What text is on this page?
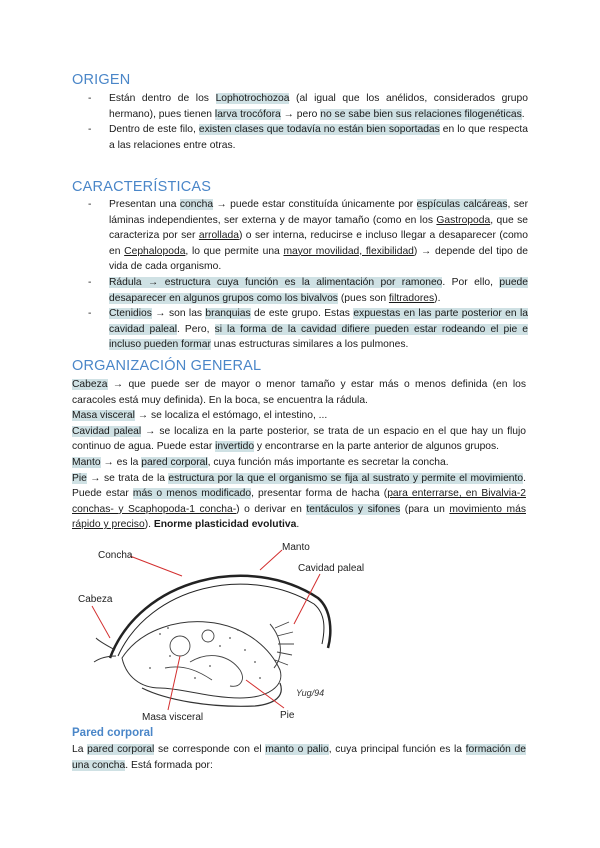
ORIGEN
- Están dentro de los Lophotrochozoa (al igual que los anélidos, considerados grupo hermano), pues tienen larva trocófora → pero no se sabe bien sus relaciones filogenéticas.
- Dentro de este filo, existen clases que todavía no están bien soportadas en lo que respecta a las relaciones entre otras.
CARACTERÍSTICAS
- Presentan una concha → puede estar constituída únicamente por espículas calcáreas, ser láminas independientes, ser externa y de mayor tamaño (como en los Gastropoda, que se caracteriza por ser arrollada) o ser interna, reducirse e incluso llegar a desaparecer (como en Cephalopoda, lo que permite una mayor movilidad, flexibilidad) → depende del tipo de vida de cada organismo.
- Rádula → estructura cuya función es la alimentación por ramoneo. Por ello, puede desaparecer en algunos grupos como los bivalvos (pues son filtradores).
- Ctenidios → son las branquias de este grupo. Estas expuestas en las parte posterior en la cavidad paleal. Pero, si la forma de la cavidad difiere pueden estar rodeando el pie e incluso pueden formar unas estructuras similares a los pulmones.
ORGANIZACIÓN GENERAL
Cabeza → que puede ser de mayor o menor tamaño y estar más o menos definida (en los caracoles está muy definida). En la boca, se encuentra la rádula.
Masa visceral → se localiza el estómago, el intestino, ...
Cavidad paleal → se localiza en la parte posterior, se trata de un espacio en el que hay un flujo continuo de agua. Puede estar invertido y encontrarse en la parte anterior de algunos grupos.
Manto → es la pared corporal, cuya función más importante es secretar la concha.
Pie → se trata de la estructura por la que el organismo se fija al sustrato y permite el movimiento. Puede estar más o menos modificado, presentar forma de hacha (para enterrarse, en Bivalvia-2 conchas- y Scaphopoda-1 concha-) o derivar en tentáculos y sifones (para un movimiento más rápido y preciso). Enorme plasticidad evolutiva.
Concha
Manto
Cavidad paleal
Cabeza
Masa visceral	Pie
Yug/94
Pared corporal
La pared corporal se corresponde con el manto o palio, cuya principal función es la formación de una concha. Está formada por:
